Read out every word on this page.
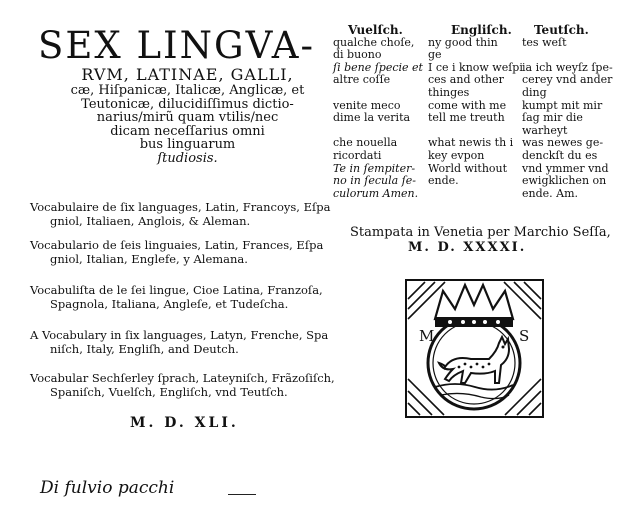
SEX LINGVA-
RVM, LATINAE, GALLI,
cæ, Hiſpanicæ, Italicæ, Anglicæ, et
Teutonicæ, dilucidiſſimus dictio-
narius/mirũ quam vtilis/nec
dicam neceſſarius omni
bus linguarum
ſtudiosis.
Vocabulaire de ſix languages, Latin, Francoys, Eſpa
gniol, Italiaen, Anglois, & Aleman.
Vocabulario de ſeis linguaies, Latin, Frances, Eſpa
gniol, Italian, Englefe, y Alemana.
Vocabuliſta de le ſei lingue, Cioe Latina, Franzoſa,
Spagnola, Italiana, Angleſe, et Tudeſcha.
A Vocabulary in ſix languages, Latyn, Frenche, Spa
niſch, Italy, Engliſh, and Deutch.
Vocabular Sechſerley ſprach, Lateyniſch, Frãzoſiſch,
Spaniſch, Vuelſch, Engliſch, vnd Teutſch.
M. D. XLI.
Di fulvio pacchi
Vuelſch.
qualche choſe,
di buono
ſi bene ſpecie et
altre coſſe
venite meco
dime la verita
che nouella
ricordati
Te in ſempiter-
no in ſecula ſe-
culorum Amen.
Engliſch.
ny good thin
ge
I ce i know weſpi
ces and other
thinges
come with me
tell me treuth
what newis th i
key evpon
World without
ende.
Teutſch.
tes weſt
ia ich weyſz ſpe-
cerey vnd ander
ding
kumpt mit mir
ſag mir die
warheyt
was newes ge-
denckſt du es
vnd ymmer vnd
ewigklichen on
ende. Am.
Stampata in Venetia per Marchio Seſſa,
M. D. XXXXI.
M	S
